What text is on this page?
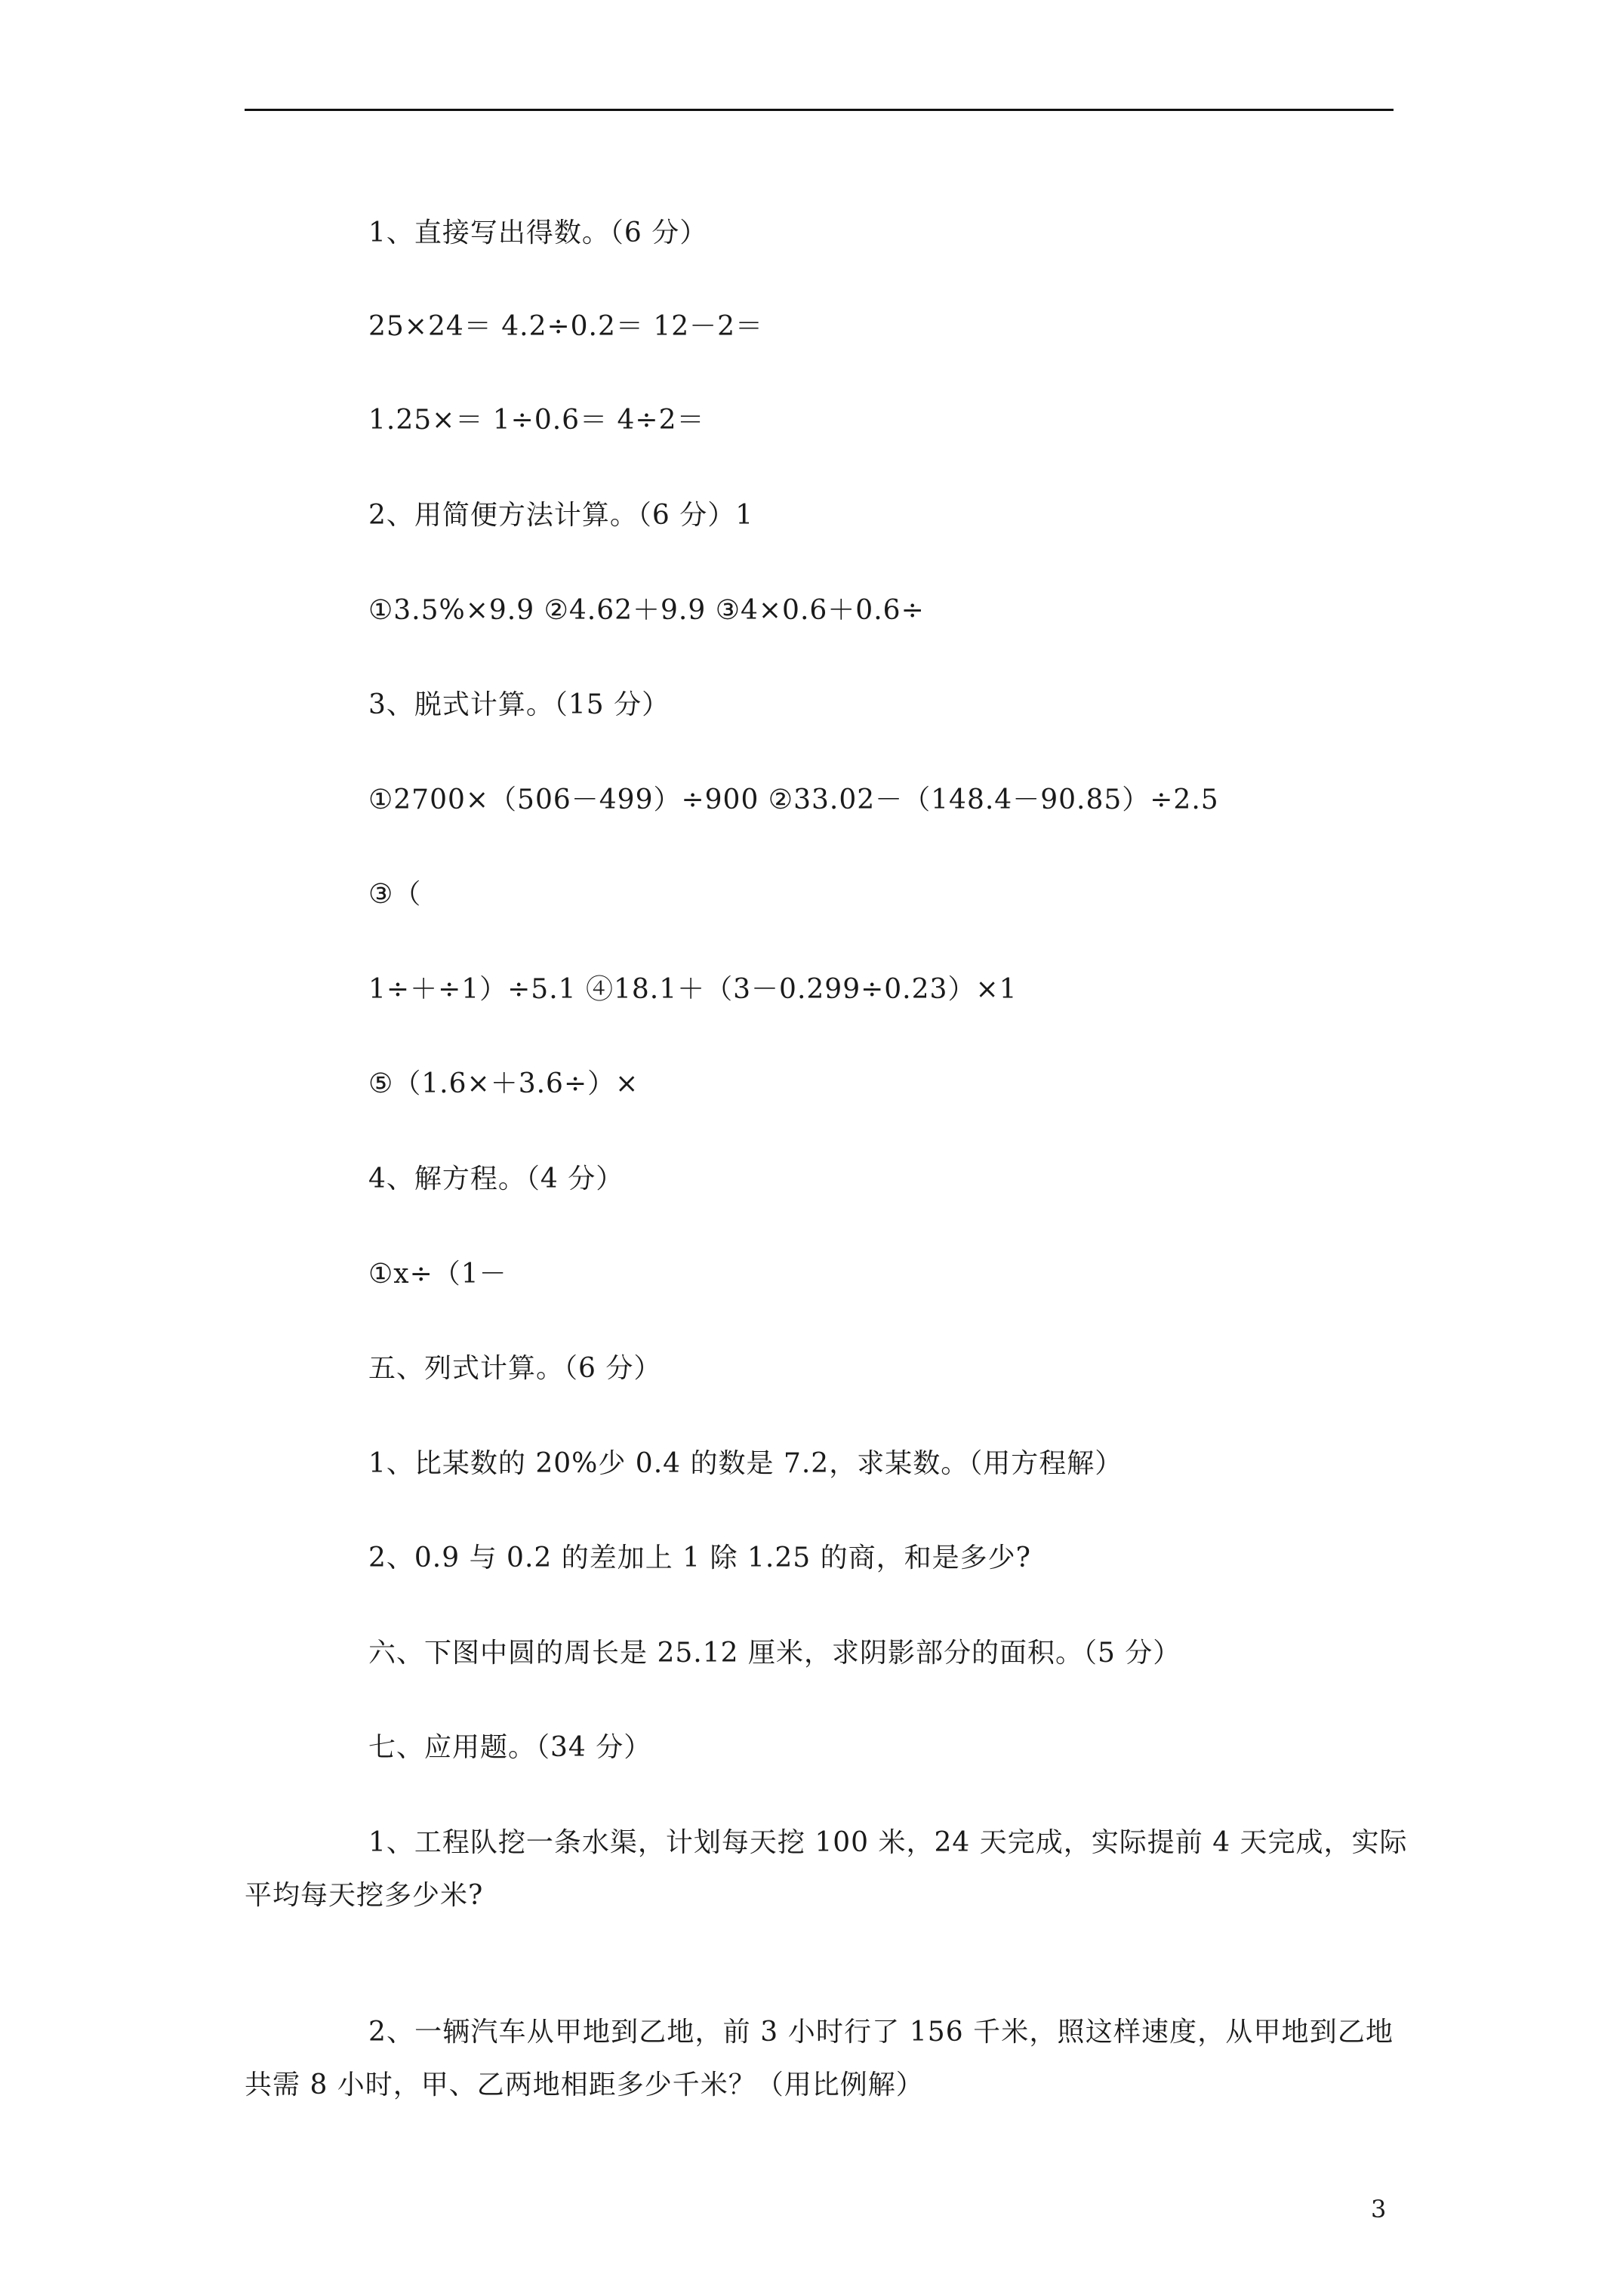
1、直接写出得数。（6 分）
25×24＝ 4.2÷0.2＝ 12－2＝
1.25×＝ 1÷0.6＝ 4÷2＝
2、用简便方法计算。（6 分）1
①3.5%×9.9 ②4.62＋9.9 ③4×0.6＋0.6÷
3、脱式计算。（15 分）
①2700×（506－499）÷900 ②33.02－（148.4－90.85）÷2.5
③（
1÷＋÷1）÷5.1 ④18.1＋（3－0.299÷0.23）×1
⑤（1.6×＋3.6÷）×
4、解方程。（4 分）
①x÷（1－
五、列式计算。（6 分）
1、比某数的 20%少 0.4 的数是 7.2，求某数。（用方程解）
2、0.9 与 0.2 的差加上 1 除 1.25 的商，和是多少?
六、下图中圆的周长是 25.12 厘米，求阴影部分的面积。（5 分）
七、应用题。（34 分）
1、工程队挖一条水渠，计划每天挖 100 米，24 天完成，实际提前 4 天完成，实际
平均每天挖多少米?
2、一辆汽车从甲地到乙地，前 3 小时行了 156 千米，照这样速度，从甲地到乙地
共需 8 小时，甲、乙两地相距多少千米？（用比例解）
3
